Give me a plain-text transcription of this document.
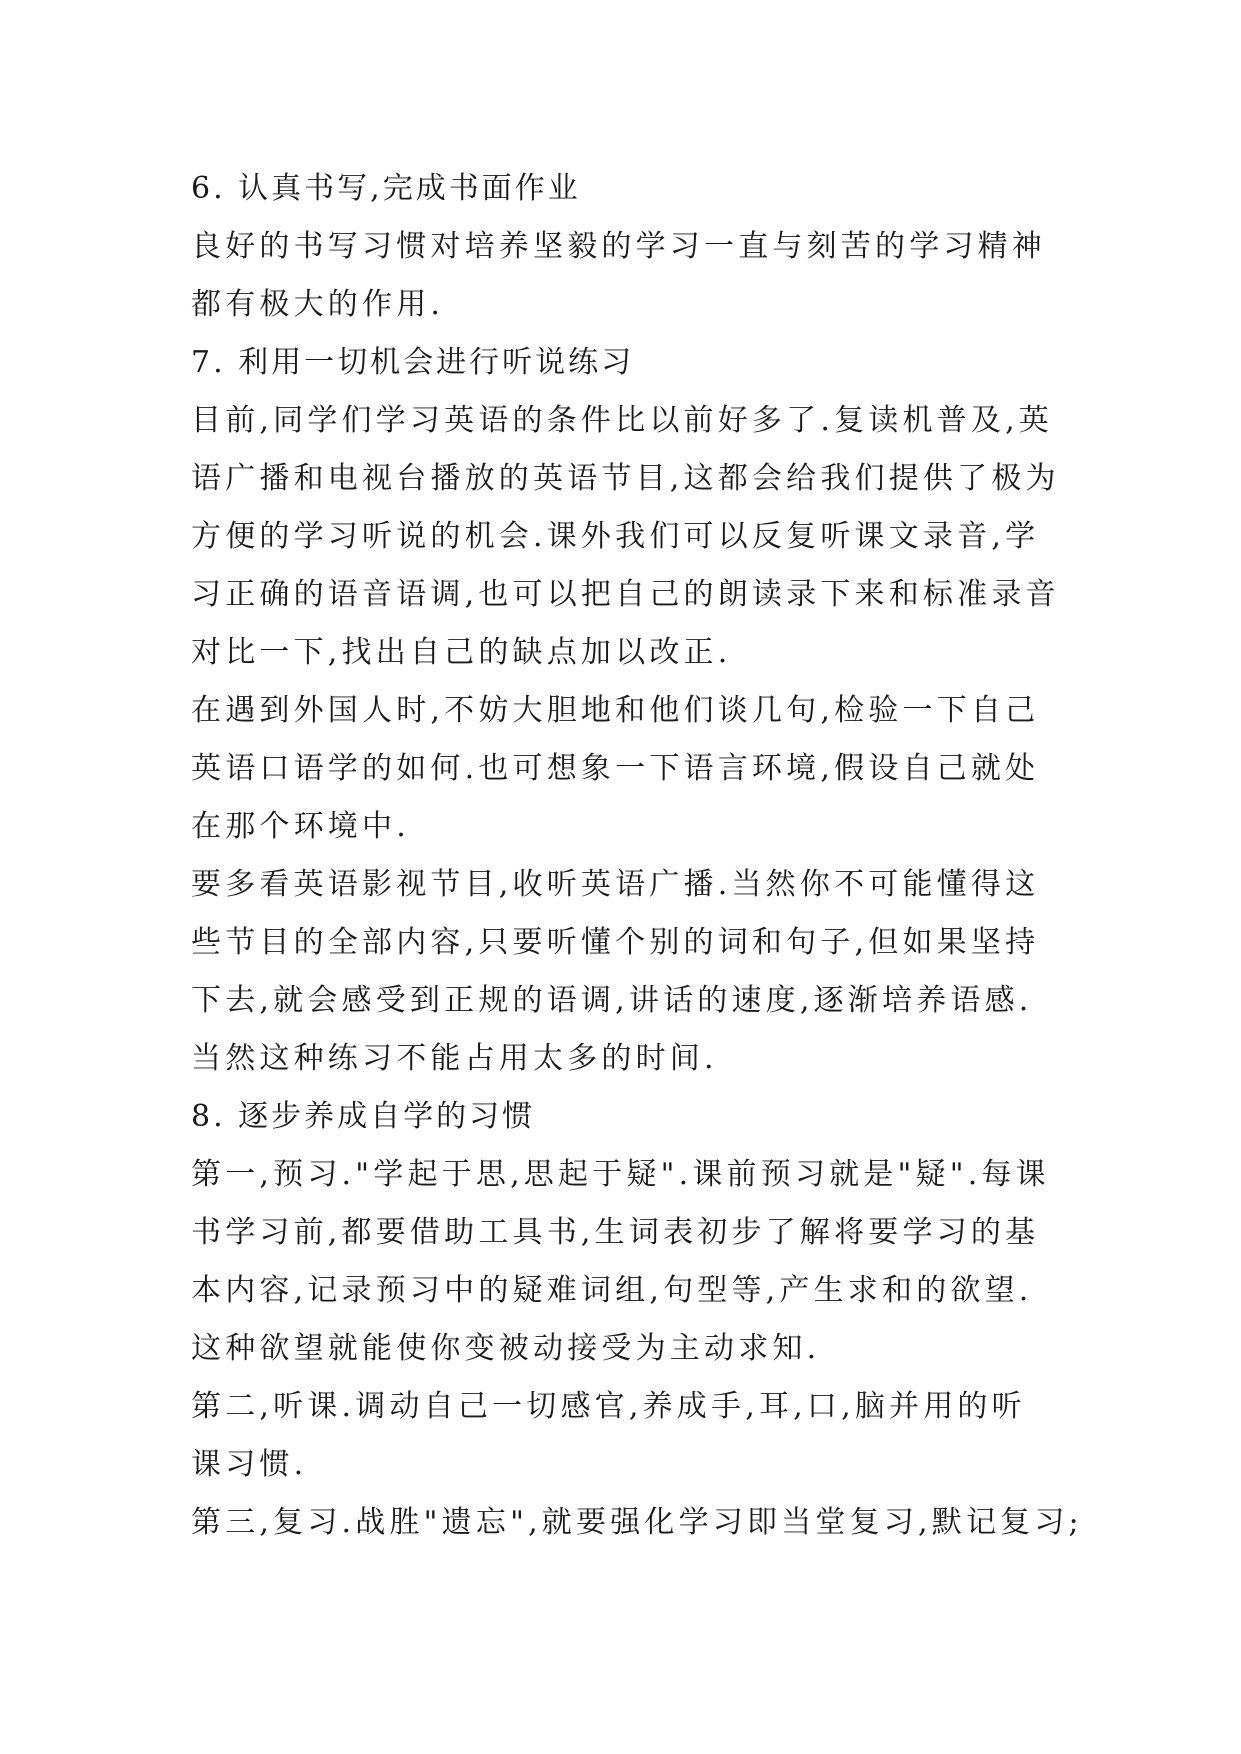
6. 认真书写,完成书面作业

良好的书写习惯对培养坚毅的学习一直与刻苦的学习精神

都有极大的作用.

7. 利用一切机会进行听说练习

目前,同学们学习英语的条件比以前好多了.复读机普及,英

语广播和电视台播放的英语节目,这都会给我们提供了极为

方便的学习听说的机会.课外我们可以反复听课文录音,学

习正确的语音语调,也可以把自己的朗读录下来和标准录音

对比一下,找出自己的缺点加以改正.

在遇到外国人时,不妨大胆地和他们谈几句,检验一下自己

英语口语学的如何.也可想象一下语言环境,假设自己就处

在那个环境中.

要多看英语影视节目,收听英语广播.当然你不可能懂得这

些节目的全部内容,只要听懂个别的词和句子,但如果坚持

下去,就会感受到正规的语调,讲话的速度,逐渐培养语感.

当然这种练习不能占用太多的时间.

8. 逐步养成自学的习惯

第一,预习."学起于思,思起于疑".课前预习就是"疑".每课

书学习前,都要借助工具书,生词表初步了解将要学习的基

本内容,记录预习中的疑难词组,句型等,产生求和的欲望.

这种欲望就能使你变被动接受为主动求知.

第二,听课.调动自己一切感官,养成手,耳,口,脑并用的听

课习惯.

第三,复习.战胜"遗忘",就要强化学习即当堂复习,默记复习;
